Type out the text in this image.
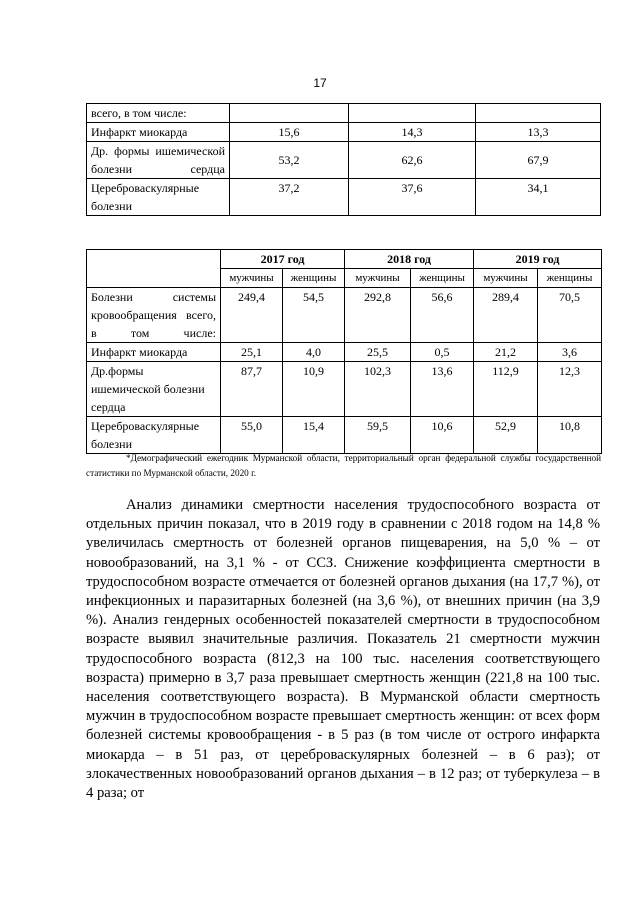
17
всего, в том числе:			
Инфаркт миокарда	15,6	14,3	13,3
Др. формы ишемической болезни сердца	53,2	62,6	67,9
Цереброваскулярные болезни	37,2	37,6	34,1
	2017 год		2018 год		2019 год	
	мужчины	женщины	мужчины	женщины	мужчины	женщины
Болезни системы кровообращения всего, в том числе:	249,4	54,5	292,8	56,6	289,4	70,5
Инфаркт миокарда	25,1	4,0	25,5	0,5	21,2	3,6
Др.формы ишемической болезни сердца	87,7	10,9	102,3	13,6	112,9	12,3
Цереброваскулярные болезни	55,0	15,4	59,5	10,6	52,9	10,8
*Демографический ежегодник Мурманской области, территориальный орган федеральной службы государственной статистики по Мурманской области, 2020 г.
Анализ динамики смертности населения трудоспособного возраста от отдельных причин показал, что в 2019 году в сравнении с 2018 годом на 14,8 % увеличилась смертность от болезней органов пищеварения, на 5,0 % – от новообразований, на 3,1 % - от ССЗ. Снижение коэффициента смертности в трудоспособном возрасте отмечается от болезней органов дыхания (на 17,7 %), от инфекционных и паразитарных болезней (на 3,6 %), от внешних причин (на 3,9 %). Анализ гендерных особенностей показателей смертности в трудоспособном возрасте выявил значительные различия. Показатель 21 смертности мужчин трудоспособного возраста (812,3 на 100 тыс. населения соответствующего возраста) примерно в 3,7 раза превышает смертность женщин (221,8 на 100 тыс. населения соответствующего возраста). В Мурманской области смертность мужчин в трудоспособном возрасте превышает смертность женщин: от всех форм болезней системы кровообращения - в 5 раз (в том числе от острого инфаркта миокарда – в 51 раз, от цереброваскулярных болезней – в 6 раз); от злокачественных новообразований органов дыхания – в 12 раз; от туберкулеза – в 4 раза; от
